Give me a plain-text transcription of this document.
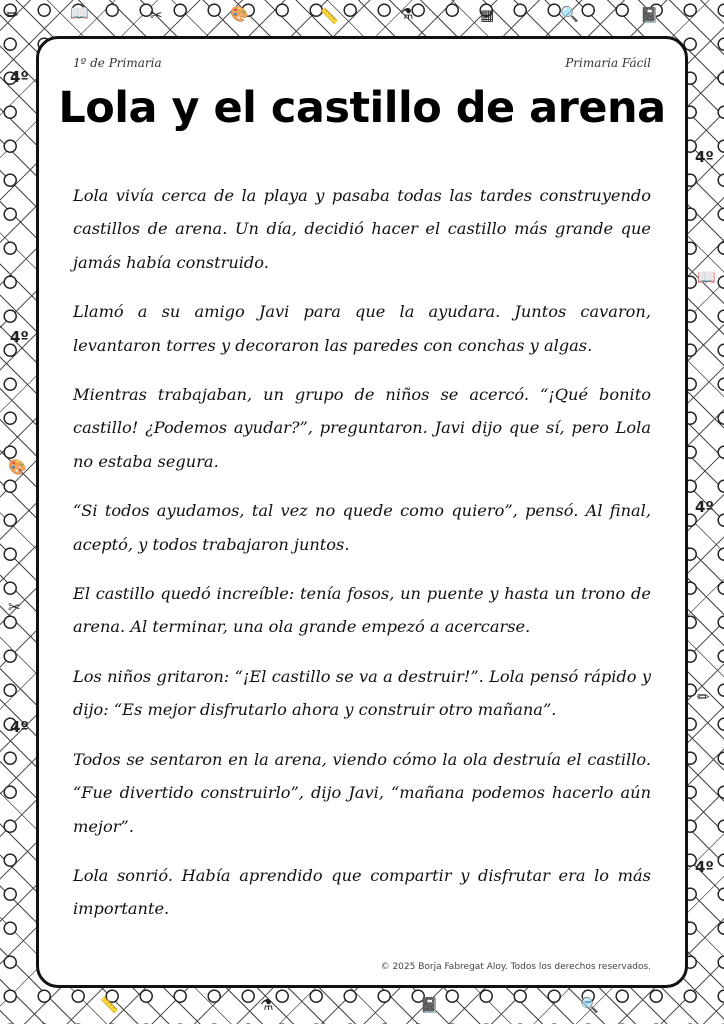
✏	📖	✂	🎨	📏	⚗	▦	🔍	📓
4º
4º
4º
4º
4º
4º
🎨
📖
✂
✏
📏	⚗	📓	🔍
1º de Primaria	Primaria Fácil
Lola y el castillo de arena

Lola vivía cerca de la playa y pasaba todas las tardes construyendo castillos de arena. Un día, decidió hacer el castillo más grande que jamás había construido.

Llamó a su amigo Javi para que la ayudara. Juntos cavaron, levantaron torres y decoraron las paredes con conchas y algas.

Mientras trabajaban, un grupo de niños se acercó. “¡Qué bonito castillo! ¿Podemos ayudar?”, preguntaron. Javi dijo que sí, pero Lola no estaba segura.

“Si todos ayudamos, tal vez no quede como quiero”, pensó. Al final, aceptó, y todos trabajaron juntos.

El castillo quedó increíble: tenía fosos, un puente y hasta un trono de arena. Al terminar, una ola grande empezó a acercarse.

Los niños gritaron: “¡El castillo se va a destruir!”. Lola pensó rápido y dijo: “Es mejor disfrutarlo ahora y construir otro mañana”.

Todos se sentaron en la arena, viendo cómo la ola destruía el castillo. “Fue divertido construirlo”, dijo Javi, “mañana podemos hacerlo aún mejor”.

Lola sonrió. Había aprendido que compartir y disfrutar era lo más importante.

© 2025 Borja Fabregat Aloy. Todos los derechos reservados.
